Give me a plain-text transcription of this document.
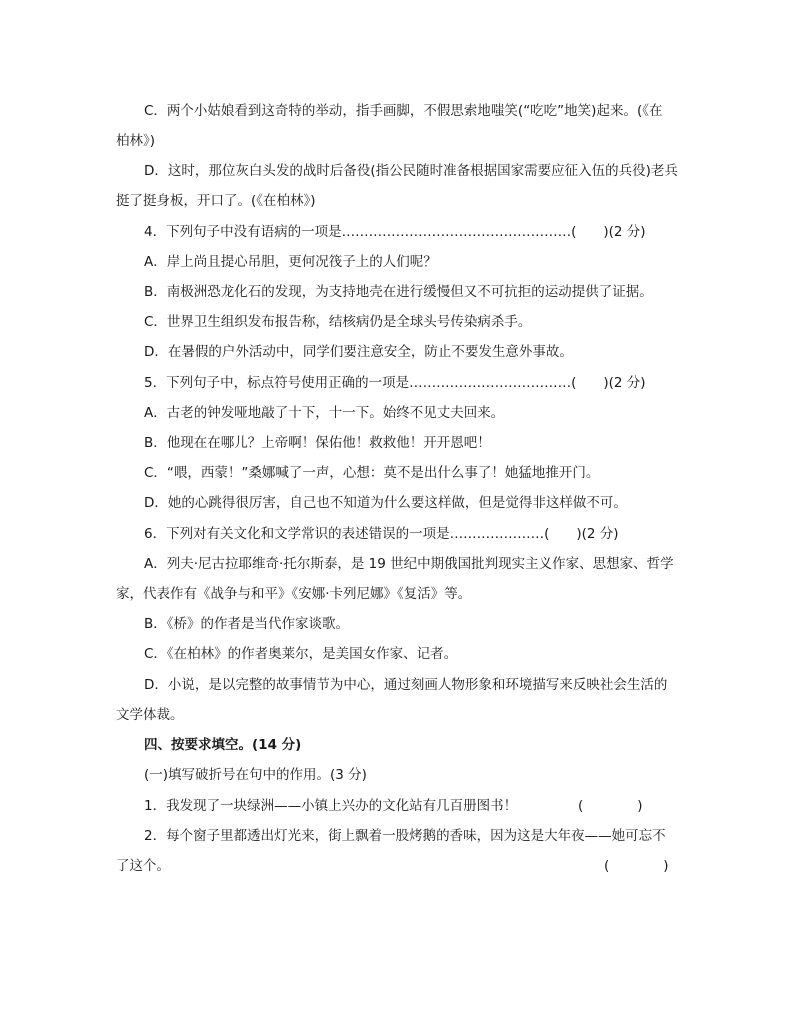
C．两个小姑娘看到这奇特的举动，指手画脚，不假思索地嗤笑(“吃吃”地笑)起来。(《在
柏林》)
D．这时，那位灰白头发的战时后备役(指公民随时准备根据国家需要应征入伍的兵役)老兵
挺了挺身板，开口了。(《在柏林》)
4．下列句子中没有语病的一项是……………………………………………(　　)(2 分)
A．岸上尚且提心吊胆，更何况筏子上的人们呢？
B．南极洲恐龙化石的发现，为支持地壳在进行缓慢但又不可抗拒的运动提供了证据。
C．世界卫生组织发布报告称，结核病仍是全球头号传染病杀手。
D．在暑假的户外活动中，同学们要注意安全，防止不要发生意外事故。
5．下列句子中，标点符号使用正确的一项是………………………………(　　)(2 分)
A．古老的钟发哑地敲了十下，十一下。始终不见丈夫回来。
B．他现在在哪儿？上帝啊！保佑他！救救他！开开恩吧！
C．“喂，西蒙！”桑娜喊了一声，心想：莫不是出什么事了！她猛地推开门。
D．她的心跳得很厉害，自己也不知道为什么要这样做，但是觉得非这样做不可。
6．下列对有关文化和文学常识的表述错误的一项是…………………(　　)(2 分)
A．列夫·尼古拉耶维奇·托尔斯泰，是 19 世纪中期俄国批判现实主义作家、思想家、哲学
家，代表作有《战争与和平》《安娜·卡列尼娜》《复活》等。
B．《桥》的作者是当代作家谈歌。
C．《在柏林》的作者奥莱尔，是美国女作家、记者。
D．小说，是以完整的故事情节为中心，通过刻画人物形象和环境描写来反映社会生活的
文学体裁。
四、按要求填空。(14 分)
(一)填写破折号在句中的作用。(3 分)
1．我发现了一块绿洲——小镇上兴办的文化站有几百册图书！	(　　　　)
2．每个窗子里都透出灯光来，街上飘着一股烤鹅的香味，因为这是大年夜——她可忘不
了这个。	(　　　　)
